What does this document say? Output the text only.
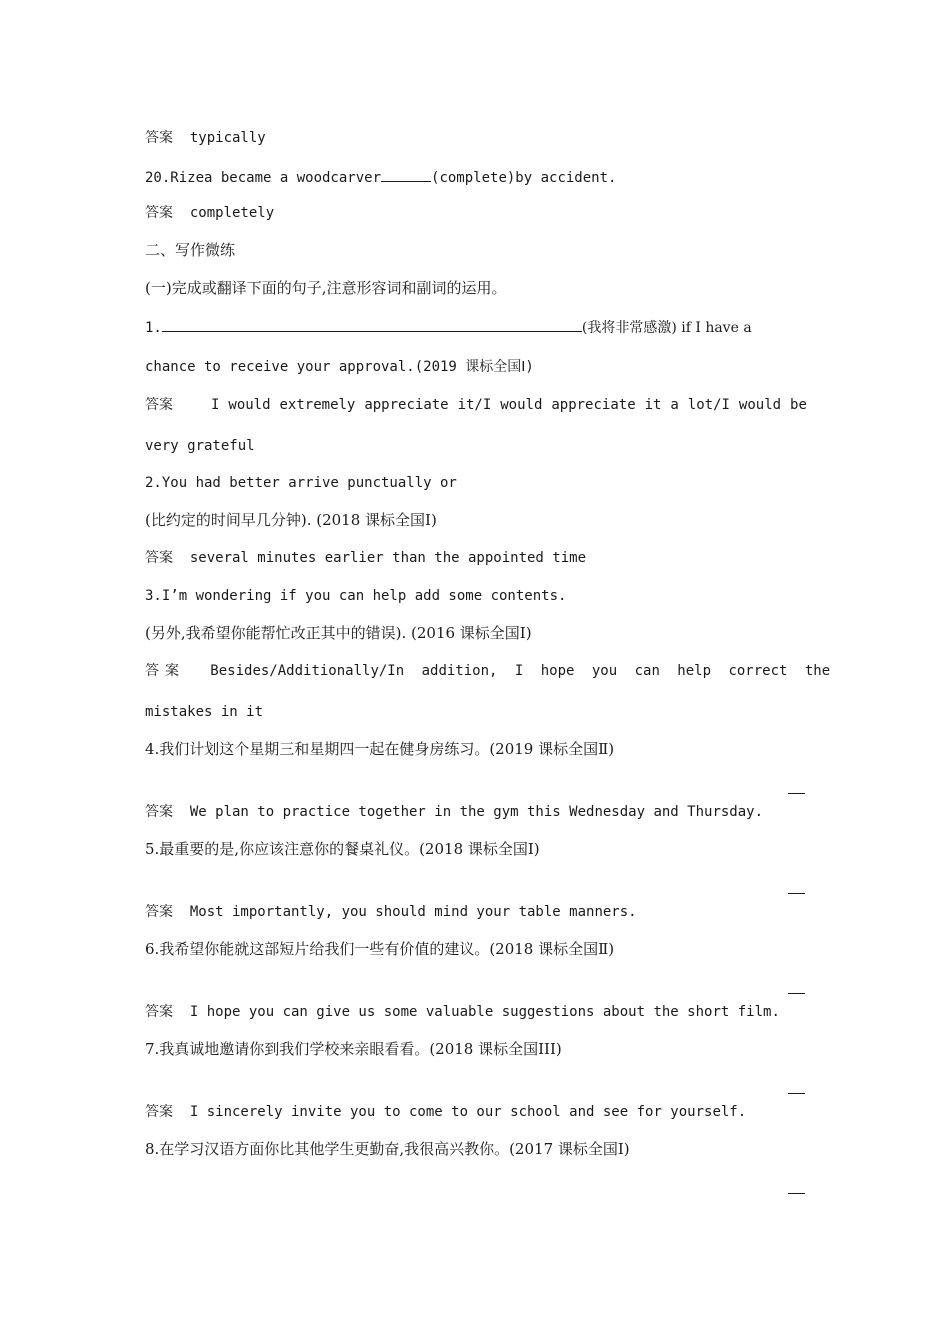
答案 typically
20.Rizea became a woodcarver	(complete)by accident.
答案 completely
二、写作微练
(一)完成或翻译下面的句子,注意形容词和副词的运用。
1.	(我将非常感激) if I have a
chance to receive your approval.(2019 课标全国Ⅰ)
答案	I would extremely appreciate it/I would appreciate it a lot/I would be
very grateful
2.You had better arrive punctually or
(比约定的时间早几分钟). (2018 课标全国Ⅰ)
答案 several minutes earlier than the appointed time
3.I’m wondering if you can help add some contents.
(另外,我希望你能帮忙改正其中的错误). (2016 课标全国Ⅰ)
答案 Besides/Additionally/In addition, I hope you can help correct the
mistakes in it
4.我们计划这个星期三和星期四一起在健身房练习。(2019 课标全国Ⅱ)
答案 We plan to practice together in the gym this Wednesday and Thursday.
5.最重要的是,你应该注意你的餐桌礼仪。(2018 课标全国Ⅰ)
答案 Most importantly, you should mind your table manners.
6.我希望你能就这部短片给我们一些有价值的建议。(2018 课标全国Ⅱ)
答案 I hope you can give us some valuable suggestions about the short film.
7.我真诚地邀请你到我们学校来亲眼看看。(2018 课标全国III)
答案 I sincerely invite you to come to our school and see for yourself.
8.在学习汉语方面你比其他学生更勤奋,我很高兴教你。(2017 课标全国Ⅰ)
